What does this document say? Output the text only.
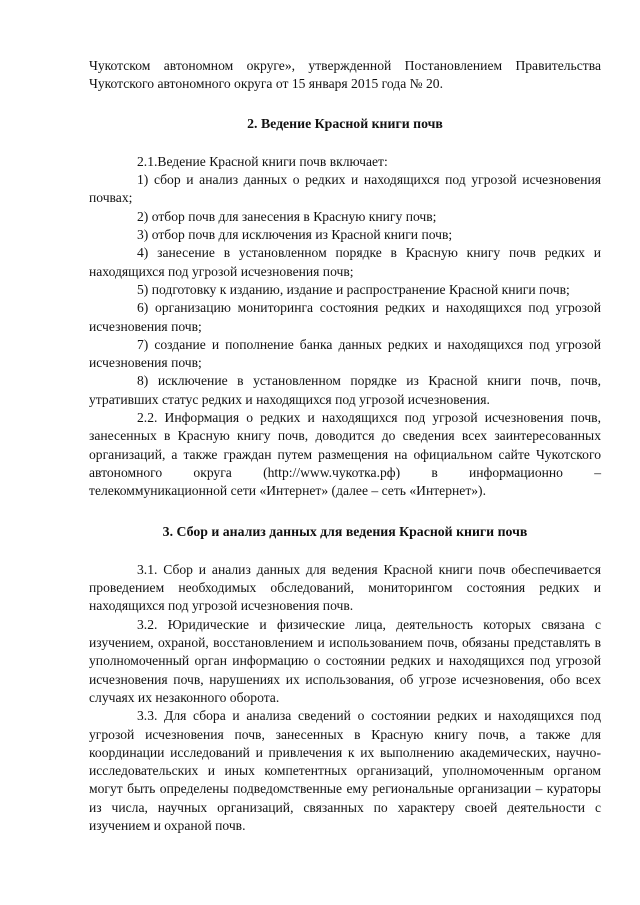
Чукотском автономном округе», утвержденной Постановлением Правительства Чукотского автономного округа от 15 января 2015 года № 20.

2. Ведение Красной книги почв

2.1.Ведение Красной книги почв включает:

1) сбор и анализ данных о редких и находящихся под угрозой исчезновения почвах;

2) отбор почв для занесения в Красную книгу почв;

3) отбор почв для исключения из Красной книги почв;

4) занесение в установленном порядке в Красную книгу почв редких и находящихся под угрозой исчезновения почв;

5) подготовку к изданию, издание и распространение Красной книги почв;

6) организацию мониторинга состояния редких и находящихся под угрозой исчезновения почв;

7) создание и пополнение банка данных редких и находящихся под угрозой исчезновения почв;

8) исключение в установленном порядке из Красной книги почв, почв, утративших статус редких и находящихся под угрозой исчезновения.

2.2. Информация о редких и находящихся под угрозой исчезновения почв, занесенных в Красную книгу почв, доводится до сведения всех заинтересованных организаций, а также граждан путем размещения на официальном сайте Чукотского автономного округа (http://www.чукотка.рф) в информационно – телекоммуникационной сети «Интернет» (далее – сеть «Интернет»).

3. Сбор и анализ данных для ведения Красной книги почв

3.1. Сбор и анализ данных для ведения Красной книги почв обеспечивается проведением необходимых обследований, мониторингом состояния редких и находящихся под угрозой исчезновения почв.

3.2. Юридические и физические лица, деятельность которых связана с изучением, охраной, восстановлением и использованием почв, обязаны представлять в уполномоченный орган информацию о состоянии редких и находящихся под угрозой исчезновения почв, нарушениях их использования, об угрозе исчезновения, обо всех случаях их незаконного оборота.

3.3. Для сбора и анализа сведений о состоянии редких и находящихся под угрозой исчезновения почв, занесенных в Красную книгу почв, а также для координации исследований и привлечения к их выполнению академических, научно-исследовательских и иных компетентных организаций, уполномоченным органом могут быть определены подведомственные ему региональные организации – кураторы из числа, научных организаций, связанных по характеру своей деятельности с изучением и охраной почв.
